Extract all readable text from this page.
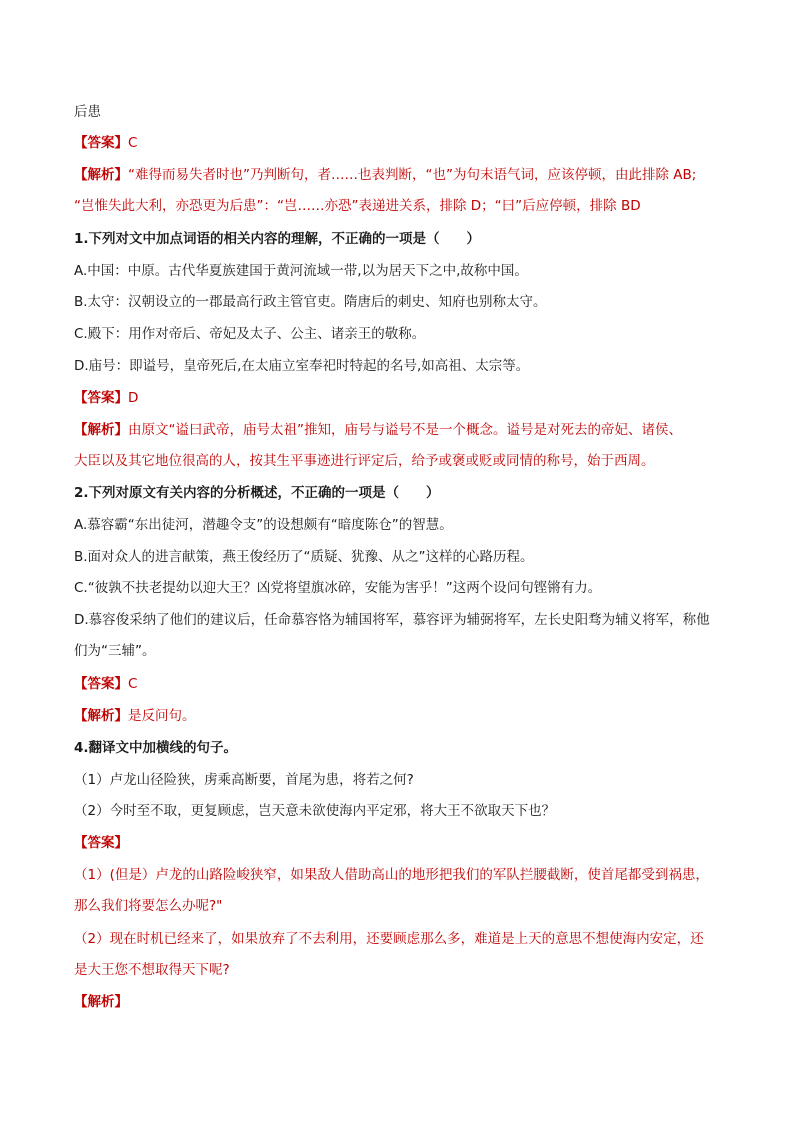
后患
【答案】C
【解析】“难得而易失者时也”乃判断句，者……也表判断，“也”为句末语气词，应该停顿，由此排除 AB;
“岂惟失此大利，亦恐更为后患”：“岂……亦恐”表递进关系，排除 D；“曰”后应停顿，排除 BD
1.下列对文中加点词语的相关内容的理解，不正确的一项是（　　）
A.中国：中原。古代华夏族建国于黄河流域一带,以为居天下之中,故称中国。
B.太守：汉朝设立的一郡最高行政主管官吏。隋唐后的刺史、知府也别称太守。
C.殿下：用作对帝后、帝妃及太子、公主、诸亲王的敬称。
D.庙号：即谥号，皇帝死后,在太庙立室奉祀时特起的名号,如高祖、太宗等。
【答案】D
【解析】由原文“谥曰武帝，庙号太祖”推知，庙号与谥号不是一个概念。谥号是对死去的帝妃、诸侯、
大臣以及其它地位很高的人，按其生平事迹进行评定后，给予或褒或贬或同情的称号，始于西周。
2.下列对原文有关内容的分析概述，不正确的一项是（　　）
A.慕容霸“东出徒河，潜趣令支”的设想颇有“暗度陈仓”的智慧。
B.面对众人的进言献策，燕王俊经历了“质疑、犹豫、从之”这样的心路历程。
C.“彼孰不扶老提幼以迎大王？凶党将望旗冰碎，安能为害乎！”这两个设问句铿锵有力。
D.慕容俊采纳了他们的建议后，任命慕容恪为辅国将军，慕容评为辅弼将军，左长史阳骛为辅义将军，称他
们为“三辅”。
【答案】C
【解析】是反问句。
4.翻译文中加横线的句子。
（1）卢龙山径险狭，虏乘高断要，首尾为患，将若之何?
（2）今时至不取，更复顾虑，岂天意未欲使海内平定邪，将大王不欲取天下也？
【答案】
（1）(但是）卢龙的山路险峻狭窄，如果敌人借助高山的地形把我们的军队拦腰截断，使首尾都受到祸患，
那么我们将要怎么办呢?"
（2）现在时机已经来了，如果放弃了不去利用，还要顾虑那么多，难道是上天的意思不想使海内安定，还
是大王您不想取得天下呢?
【解析】
